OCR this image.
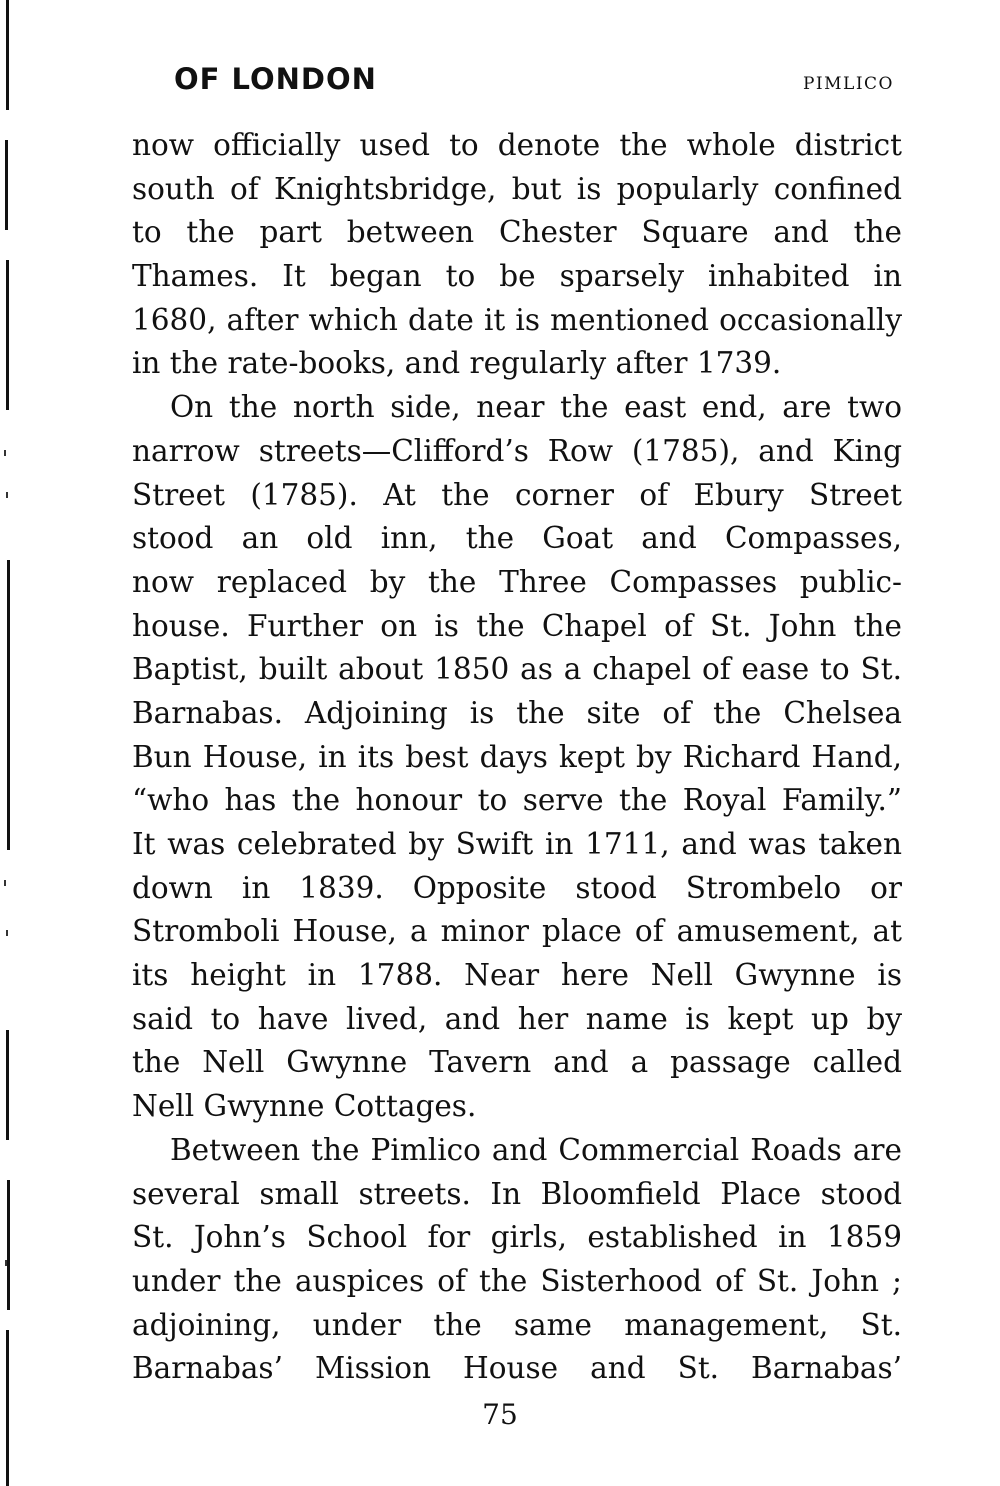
OF LONDON	PIMLICO
now officially used to denote the whole district
south of Knightsbridge, but is popularly confined
to the part between Chester Square and the
Thames. It began to be sparsely inhabited in
1680, after which date it is mentioned occasionally
in the rate-books, and regularly after 1739.
On the north side, near the east end, are two
narrow streets—Clifford’s Row (1785), and King
Street (1785). At the corner of Ebury Street
stood an old inn, the Goat and Compasses,
now replaced by the Three Compasses public-
house. Further on is the Chapel of St. John the
Baptist, built about 1850 as a chapel of ease to St.
Barnabas. Adjoining is the site of the Chelsea
Bun House, in its best days kept by Richard Hand,
“who has the honour to serve the Royal Family.”
It was celebrated by Swift in 1711, and was taken
down in 1839. Opposite stood Strombelo or
Stromboli House, a minor place of amusement, at
its height in 1788. Near here Nell Gwynne is
said to have lived, and her name is kept up by
the Nell Gwynne Tavern and a passage called
Nell Gwynne Cottages.
Between the Pimlico and Commercial Roads are
several small streets. In Bloomfield Place stood
St. John’s School for girls, established in 1859
under the auspices of the Sisterhood of St. John ;
adjoining, under the same management, St.
Barnabas’ Mission House and St. Barnabas’
75
